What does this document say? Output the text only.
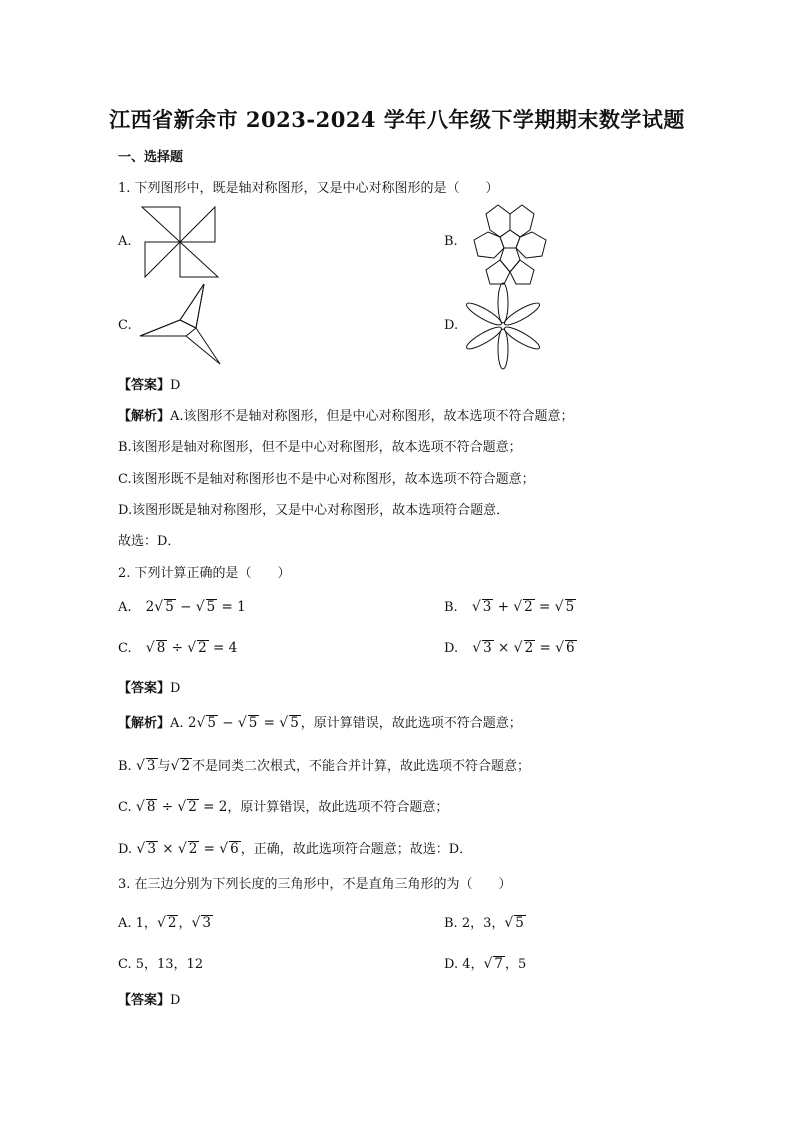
江西省新余市 2023-2024 学年八年级下学期期末数学试题
一、选择题
1. 下列图形中，既是轴对称图形，又是中心对称图形的是（　　）
A.	B.
C.	D.
【答案】D
【解析】A.该图形不是轴对称图形，但是中心对称图形，故本选项不符合题意；
B.该图形是轴对称图形，但不是中心对称图形，故本选项不符合题意；
C.该图形既不是轴对称图形也不是中心对称图形，故本选项不符合题意；
D.该图形既是轴对称图形，又是中心对称图形，故本选项符合题意．
故选：D．
2. 下列计算正确的是（　　）
A. 2√ 5 − √ 5 = 1	B. √ 3 + √ 2 = √ 5
C. √ 8 ÷ √ 2 = 4	D. √ 3 × √ 2 = √ 6
【答案】D
【解析】A. 2√ 5 − √ 5 = √ 5 ，原计算错误，故此选项不符合题意；
B. √ 3 与√ 2 不是同类二次根式，不能合并计算，故此选项不符合题意；
C. √ 8 ÷ √ 2 = 2，原计算错误，故此选项不符合题意；
D. √ 3 × √ 2 = √ 6 ，正确，故此选项符合题意；故选：D．
3. 在三边分别为下列长度的三角形中，不是直角三角形的为（　　）
A. 1，√ 2 ，√ 3	B. 2，3，√ 5
C. 5，13，12	D. 4，√ 7 ，5
【答案】D
